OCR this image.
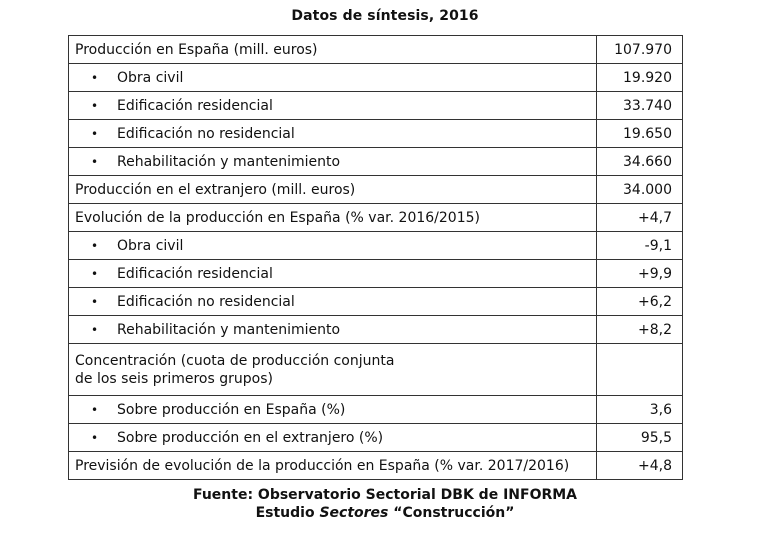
Datos de síntesis, 2016
Producción en España (mill. euros)	107.970
• Obra civil	19.920
• Edificación residencial	33.740
• Edificación no residencial	19.650
• Rehabilitación y mantenimiento	34.660
Producción en el extranjero (mill. euros)	34.000
Evolución de la producción en España (% var. 2016/2015)	+4,7
• Obra civil	-9,1
• Edificación residencial	+9,9
• Edificación no residencial	+6,2
• Rehabilitación y mantenimiento	+8,2
Concentración (cuota de producción conjunta
de los seis primeros grupos)	
• Sobre producción en España (%)	3,6
• Sobre producción en el extranjero (%)	95,5
Previsión de evolución de la producción en España (% var. 2017/2016)	+4,8
Fuente: Observatorio Sectorial DBK de INFORMA
Estudio Sectores “Construcción”
